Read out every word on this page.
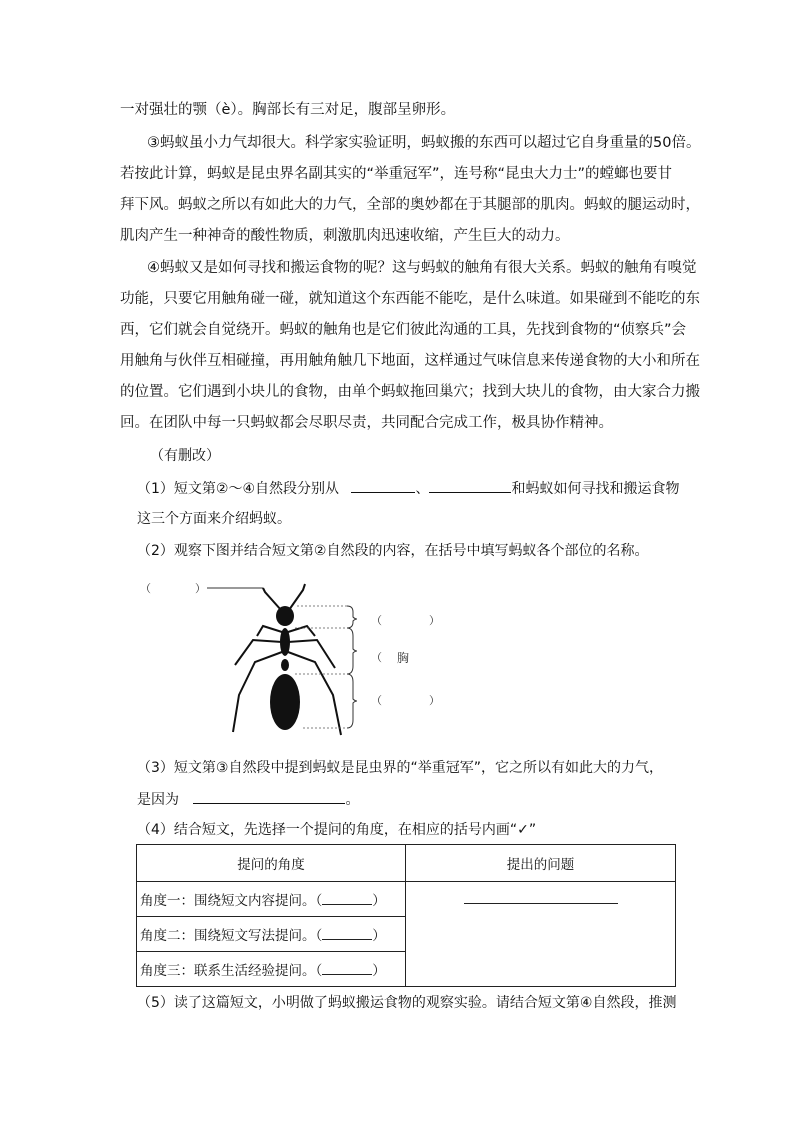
一对强壮的颚（è）。胸部长有三对足，腹部呈卵形。
③蚂蚁虽小力气却很大。科学家实验证明，蚂蚁搬的东西可以超过它自身重量的50倍。
若按此计算，蚂蚁是昆虫界名副其实的“举重冠军”，连号称“昆虫大力士”的螳螂也要甘
拜下风。蚂蚁之所以有如此大的力气，全部的奥妙都在于其腿部的肌肉。蚂蚁的腿运动时，
肌肉产生一种神奇的酸性物质，刺激肌肉迅速收缩，产生巨大的动力。
④蚂蚁又是如何寻找和搬运食物的呢？这与蚂蚁的触角有很大关系。蚂蚁的触角有嗅觉
功能，只要它用触角碰一碰，就知道这个东西能不能吃，是什么味道。如果碰到不能吃的东
西，它们就会自觉绕开。蚂蚁的触角也是它们彼此沟通的工具，先找到食物的“侦察兵”会
用触角与伙伴互相碰撞，再用触角触几下地面，这样通过气味信息来传递食物的大小和所在
的位置。它们遇到小块儿的食物，由单个蚂蚁拖回巢穴；找到大块儿的食物，由大家合力搬
回。在团队中每一只蚂蚁都会尽职尽责，共同配合完成工作，极具协作精神。
（有删改）
（1）短文第②～④自然段分别从	、	和蚂蚁如何寻找和搬运食物
这三个方面来介绍蚂蚁。
（2）观察下图并结合短文第②自然段的内容，在括号中填写蚂蚁各个部位的名称。
（	）
（	）
（ 胸
（	）
（3）短文第③自然段中提到蚂蚁是昆虫界的“举重冠军”，它之所以有如此大的力气，
是因为	。
（4）结合短文，先选择一个提问的角度，在相应的括号内画“✓”
提问的角度	提出的问题
角度一：围绕短文内容提问。（ ）	
角度二：围绕短文写法提问。（ ）	
角度三：联系生活经验提问。（ ）	
（5）读了这篇短文，小明做了蚂蚁搬运食物的观察实验。请结合短文第④自然段，推测
